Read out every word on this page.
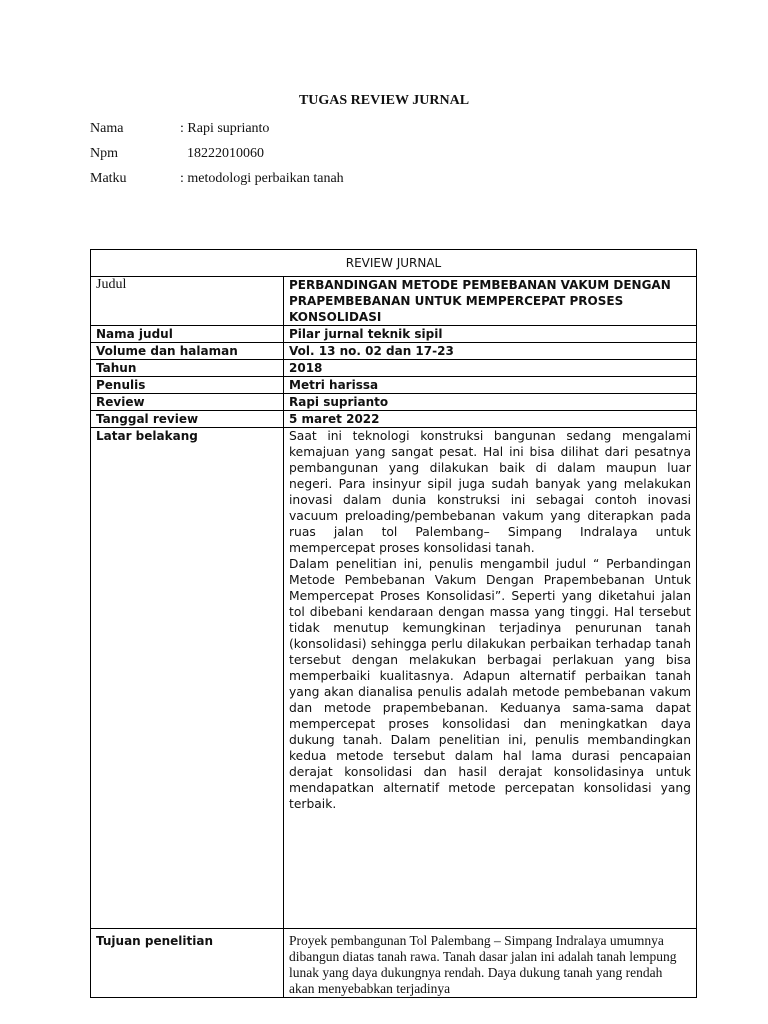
TUGAS REVIEW JURNAL
Nama	: Rapi suprianto
Npm	18222010060
Matku	: metodologi perbaikan tanah
REVIEW JURNAL	
Judul	PERBANDINGAN METODE PEMBEBANAN VAKUM DENGAN PRAPEMBEBANAN UNTUK MEMPERCEPAT PROSES KONSOLIDASI
Nama judul	Pilar jurnal teknik sipil
Volume dan halaman	Vol. 13 no. 02 dan 17-23
Tahun	2018
Penulis	Metri harissa
Review	Rapi suprianto
Tanggal review	5 maret 2022
Latar belakang	Saat ini teknologi konstruksi bangunan sedang mengalami kemajuan yang sangat pesat. Hal ini bisa dilihat dari pesatnya pembangunan yang dilakukan baik di dalam maupun luar negeri. Para insinyur sipil juga sudah banyak yang melakukan inovasi dalam dunia konstruksi ini sebagai contoh inovasi vacuum preloading/pembebanan vakum yang diterapkan pada ruas jalan tol Palembang– Simpang Indralaya untuk mempercepat proses konsolidasi tanah.

Dalam penelitian ini, penulis mengambil judul “ Perbandingan Metode Pembebanan Vakum Dengan Prapembebanan Untuk Mempercepat Proses Konsolidasi”. Seperti yang diketahui jalan tol dibebani kendaraan dengan massa yang tinggi. Hal tersebut tidak menutup kemungkinan terjadinya penurunan tanah (konsolidasi) sehingga perlu dilakukan perbaikan terhadap tanah tersebut dengan melakukan berbagai perlakuan yang bisa memperbaiki kualitasnya. Adapun alternatif perbaikan tanah yang akan dianalisa penulis adalah metode pembebanan vakum dan metode prapembebanan. Keduanya sama-sama dapat mempercepat proses konsolidasi dan meningkatkan daya dukung tanah. Dalam penelitian ini, penulis membandingkan kedua metode tersebut dalam hal lama durasi pencapaian derajat konsolidasi dan hasil derajat konsolidasinya untuk mendapatkan alternatif metode percepatan konsolidasi yang terbaik.

Tujuan penelitian	Proyek pembangunan Tol Palembang – Simpang Indralaya umumnya dibangun diatas tanah rawa. Tanah dasar jalan ini adalah tanah lempung lunak yang daya dukungnya rendah. Daya dukung tanah yang rendah akan menyebabkan terjadinya
